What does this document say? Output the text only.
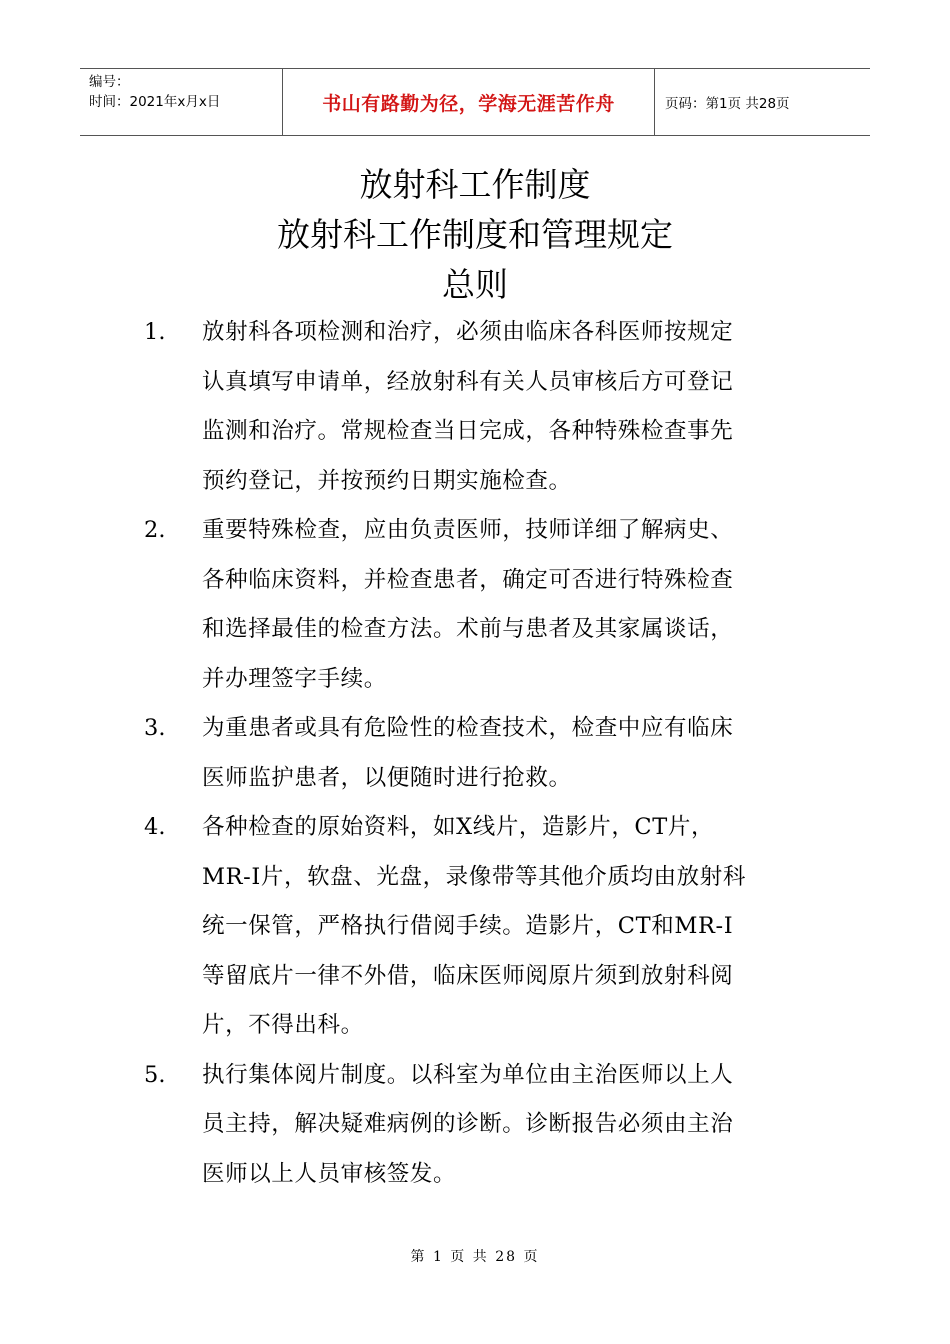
编号：
时间：2021年x月x日	书山有路勤为径，学海无涯苦作舟	页码：第1页 共28页
放射科工作制度
放射科工作制度和管理规定
总则
1. 放射科各项检测和治疗，必须由临床各科医师按规定
认真填写申请单，经放射科有关人员审核后方可登记
监测和治疗。常规检查当日完成，各种特殊检查事先
预约登记，并按预约日期实施检查。
2. 重要特殊检查，应由负责医师，技师详细了解病史、
各种临床资料，并检查患者，确定可否进行特殊检查
和选择最佳的检查方法。术前与患者及其家属谈话，
并办理签字手续。
3. 为重患者或具有危险性的检查技术，检查中应有临床
医师监护患者，以便随时进行抢救。
4. 各种检查的原始资料，如X线片，造影片，CT片，
MR-I片，软盘、光盘，录像带等其他介质均由放射科
统一保管，严格执行借阅手续。造影片，CT和MR-I
等留底片一律不外借，临床医师阅原片须到放射科阅
片，不得出科。
5. 执行集体阅片制度。以科室为单位由主治医师以上人
员主持，解决疑难病例的诊断。诊断报告必须由主治
医师以上人员审核签发。
第 1 页 共 28 页
